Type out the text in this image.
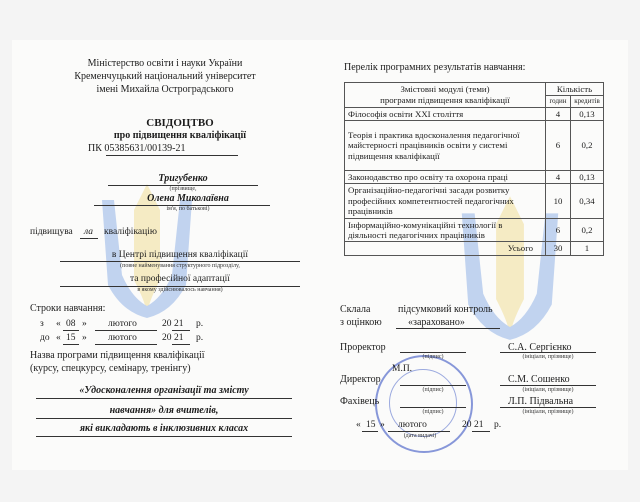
Міністерство освіти і науки України
Кременчуцький національний університет
імені Михайла Остроградського
СВІДОЦТВО
про підвищення кваліфікації
ПК 05385631/00139-21
Тригубенко
(прізвище,
Олена Миколаївна
ім'я, по батькові)
підвищува ла кваліфікацію
в Центрі підвищення кваліфікації
(повне найменування структурного підрозділу,
та професійної адаптації
в якому здійснювалось навчання)
Строки навчання:
з « 08 » лютого	20 21 р.
до « 15 » лютого	20 21 р.
Назва програми підвищення кваліфікації
(курсу, спецкурсу, семінару, тренінгу)
«Удосконалення організації та змісту
навчання» для вчителів,
які викладають в інклюзивних класах
Перелік програмних результатів навчання:
Змістовні модулі (теми)
програми підвищення кваліфікації	Кількість	
	годин	кредитів
Філософія освіти XXI століття	4	0,13
Теорія і практика вдосконалення педагогічної майстерності працівників освіти у системі підвищення кваліфікації	6	0,2
Законодавство про освіту та охорона праці	4	0,13
Організаційно-педагогічні засади розвитку професійних компетентностей педагогічних працівників	10	0,34
Інформаційно-комунікаційні технології в діяльності педагогічних працівників	6	0,2
Усього	30	1
Склала	підсумковий контроль
з оцінкою	«зараховано»
Проректор
(підпис)
С.А. Сергієнко
(ініціали, прізвище)
М.П.
Директор
(підпис)
С.М. Сошенко
(ініціали, прізвище)
Фахівець
(підпис)
Л.П. Підвальна
(ініціали, прізвище)
« 15 » лютого	20 21 р.
(дата видачі)
